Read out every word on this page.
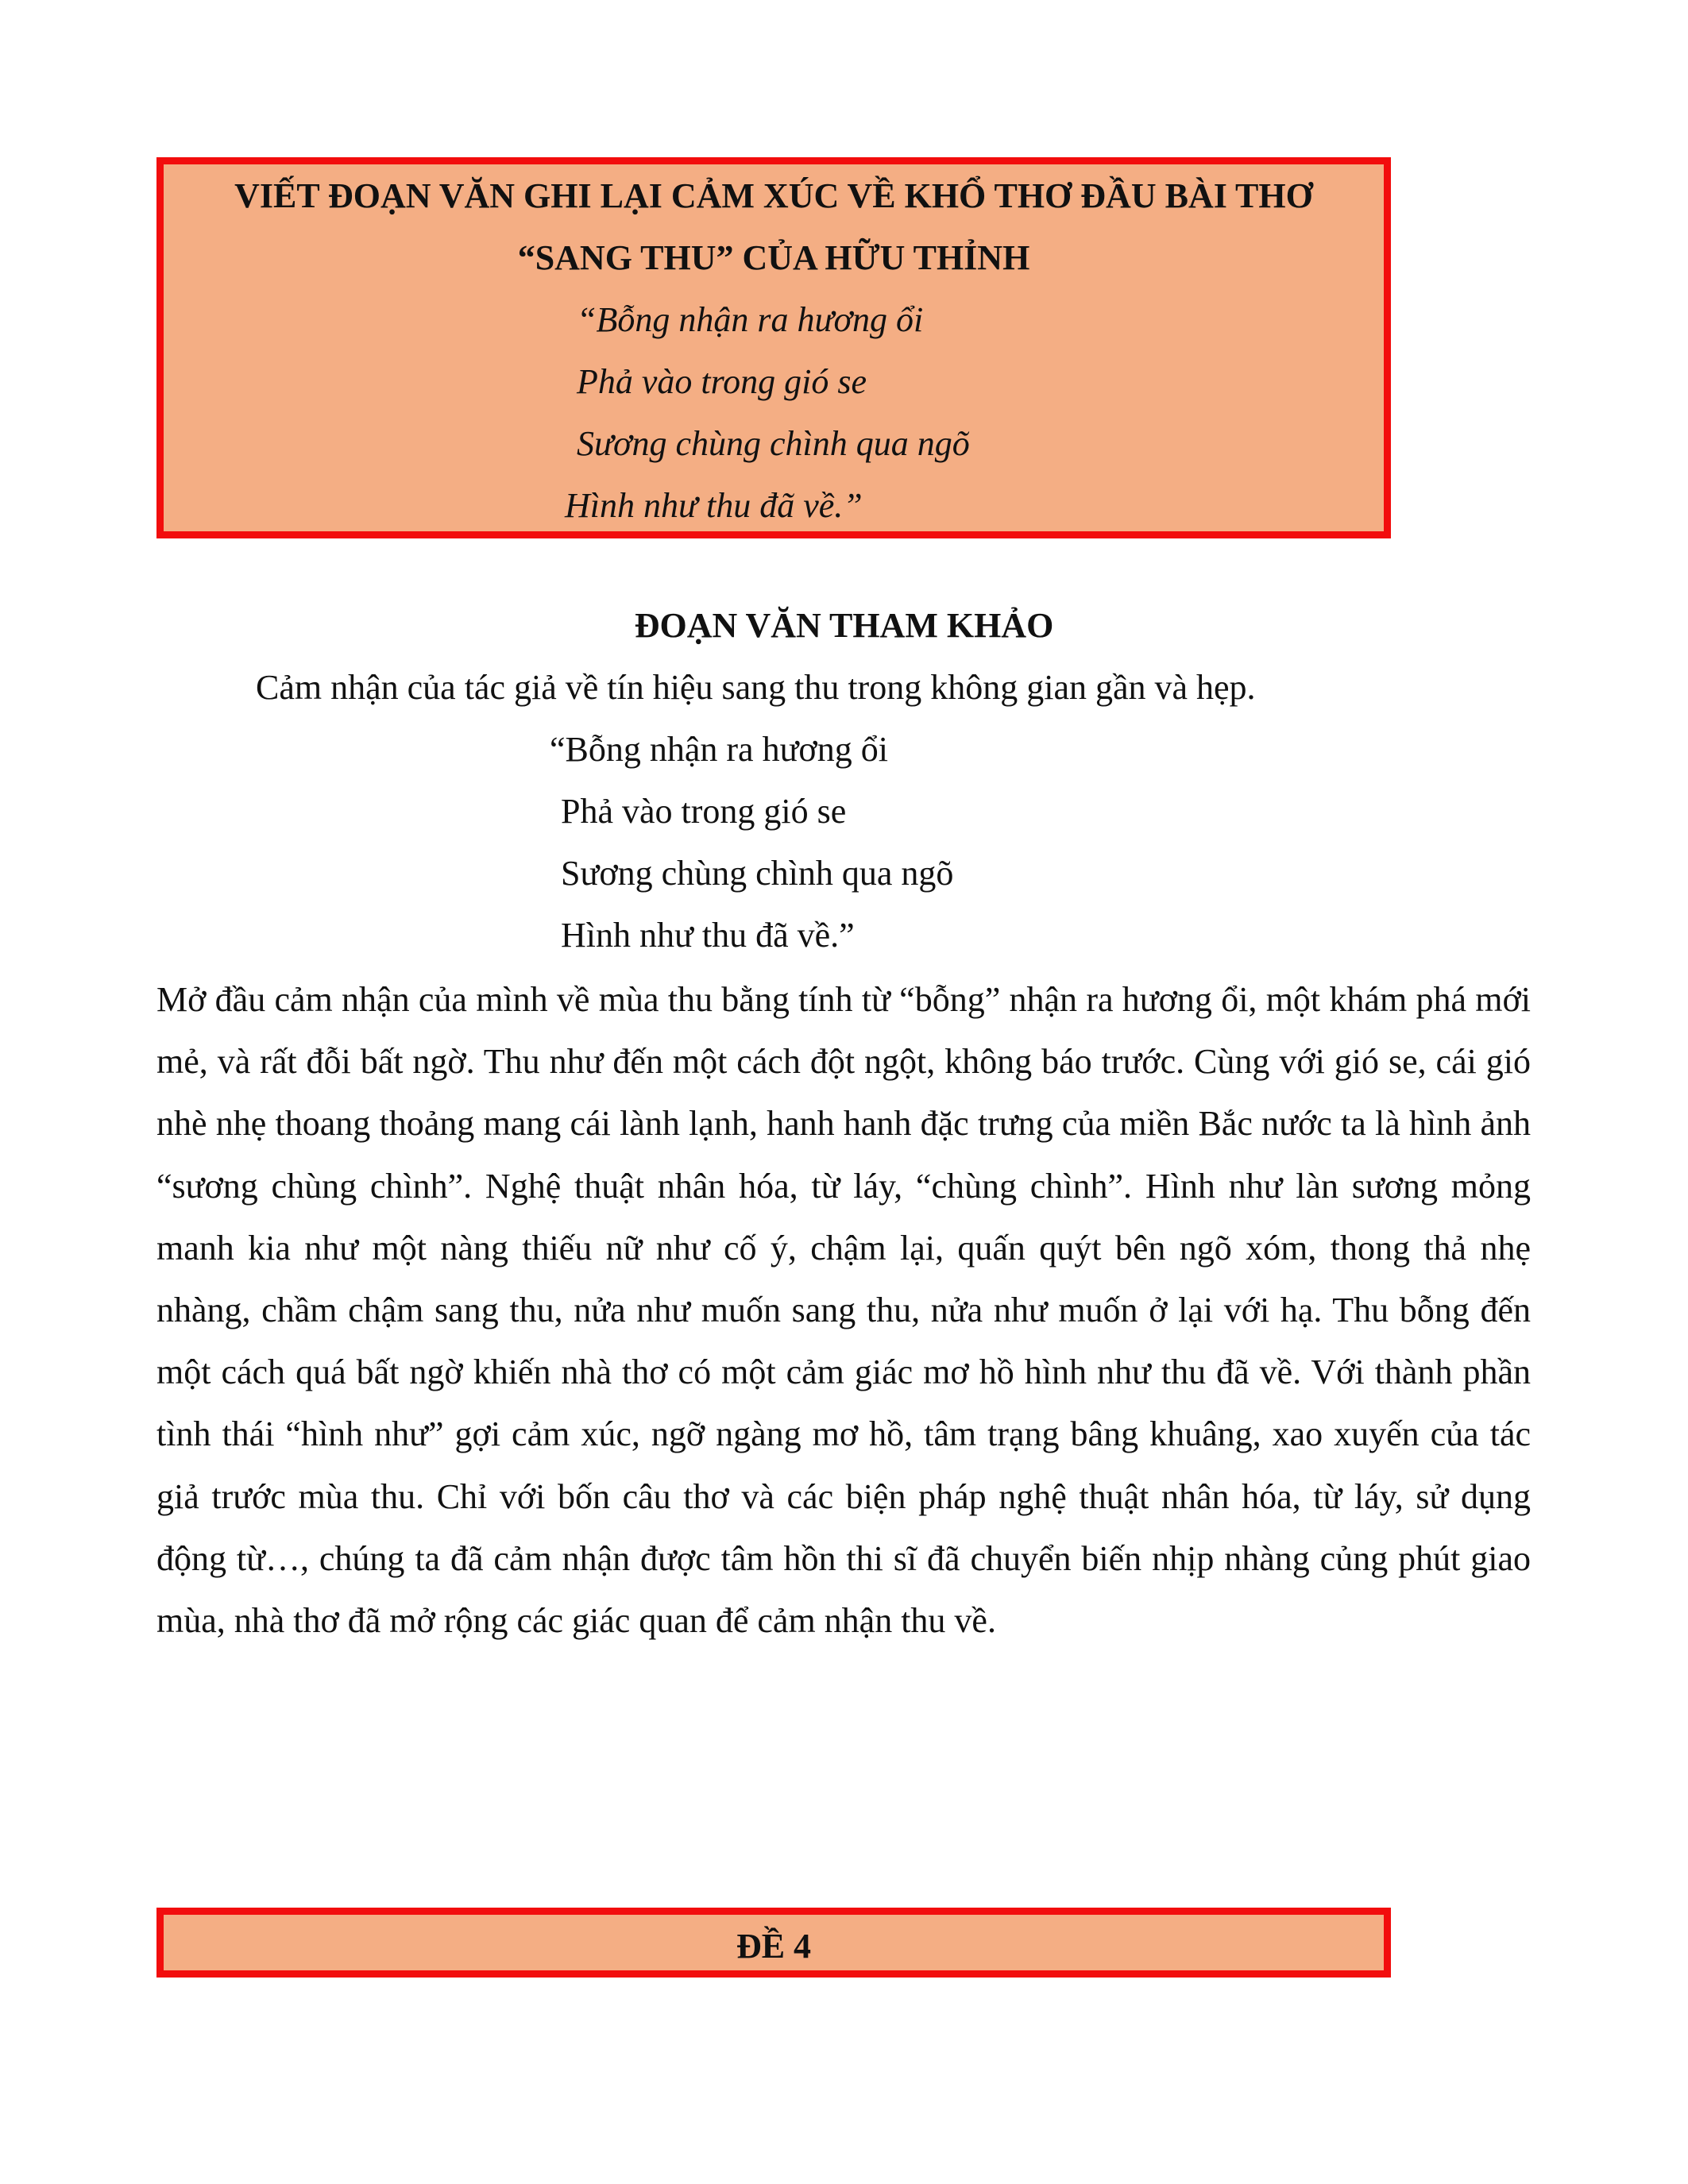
VIẾT ĐOẠN VĂN GHI LẠI CẢM XÚC VỀ KHỔ THƠ ĐẦU BÀI THƠ
“SANG THU” CỦA HỮU THỈNH
“Bỗng nhận ra hương ổi
Phả vào trong gió se
Sương chùng chình qua ngõ
Hình như thu đã về.”
ĐOẠN VĂN THAM KHẢO
Cảm nhận của tác giả về tín hiệu sang thu trong không gian gần và hẹp.
“Bỗng nhận ra hương ổi
Phả vào trong gió se
Sương chùng chình qua ngõ
Hình như thu đã về.”

Mở đầu cảm nhận của mình về mùa thu bằng tính từ “bỗng” nhận ra hương ổi, một khám phá mới mẻ, và rất đỗi bất ngờ. Thu như đến một cách đột ngột, không báo trước. Cùng với gió se, cái gió nhè nhẹ thoang thoảng mang cái lành lạnh, hanh hanh đặc trưng của miền Bắc nước ta là hình ảnh “sương chùng chình”. Nghệ thuật nhân hóa, từ láy, “chùng chình”. Hình như làn sương mỏng manh kia như một nàng thiếu nữ như cố ý, chậm lại, quấn quýt bên ngõ xóm, thong thả nhẹ nhàng, chầm chậm sang thu, nửa như muốn sang thu, nửa như muốn ở lại với hạ. Thu bỗng đến một cách quá bất ngờ khiến nhà thơ có một cảm giác mơ hồ hình như thu đã về. Với thành phần tình thái “hình như” gợi cảm xúc, ngỡ ngàng mơ hồ, tâm trạng bâng khuâng, xao xuyến của tác giả trước mùa thu. Chỉ với bốn câu thơ và các biện pháp nghệ thuật nhân hóa, từ láy, sử dụng động từ…, chúng ta đã cảm nhận được tâm hồn thi sĩ đã chuyển biến nhịp nhàng củng phút giao mùa, nhà thơ đã mở rộng các giác quan để cảm nhận thu về.

ĐỀ 4
